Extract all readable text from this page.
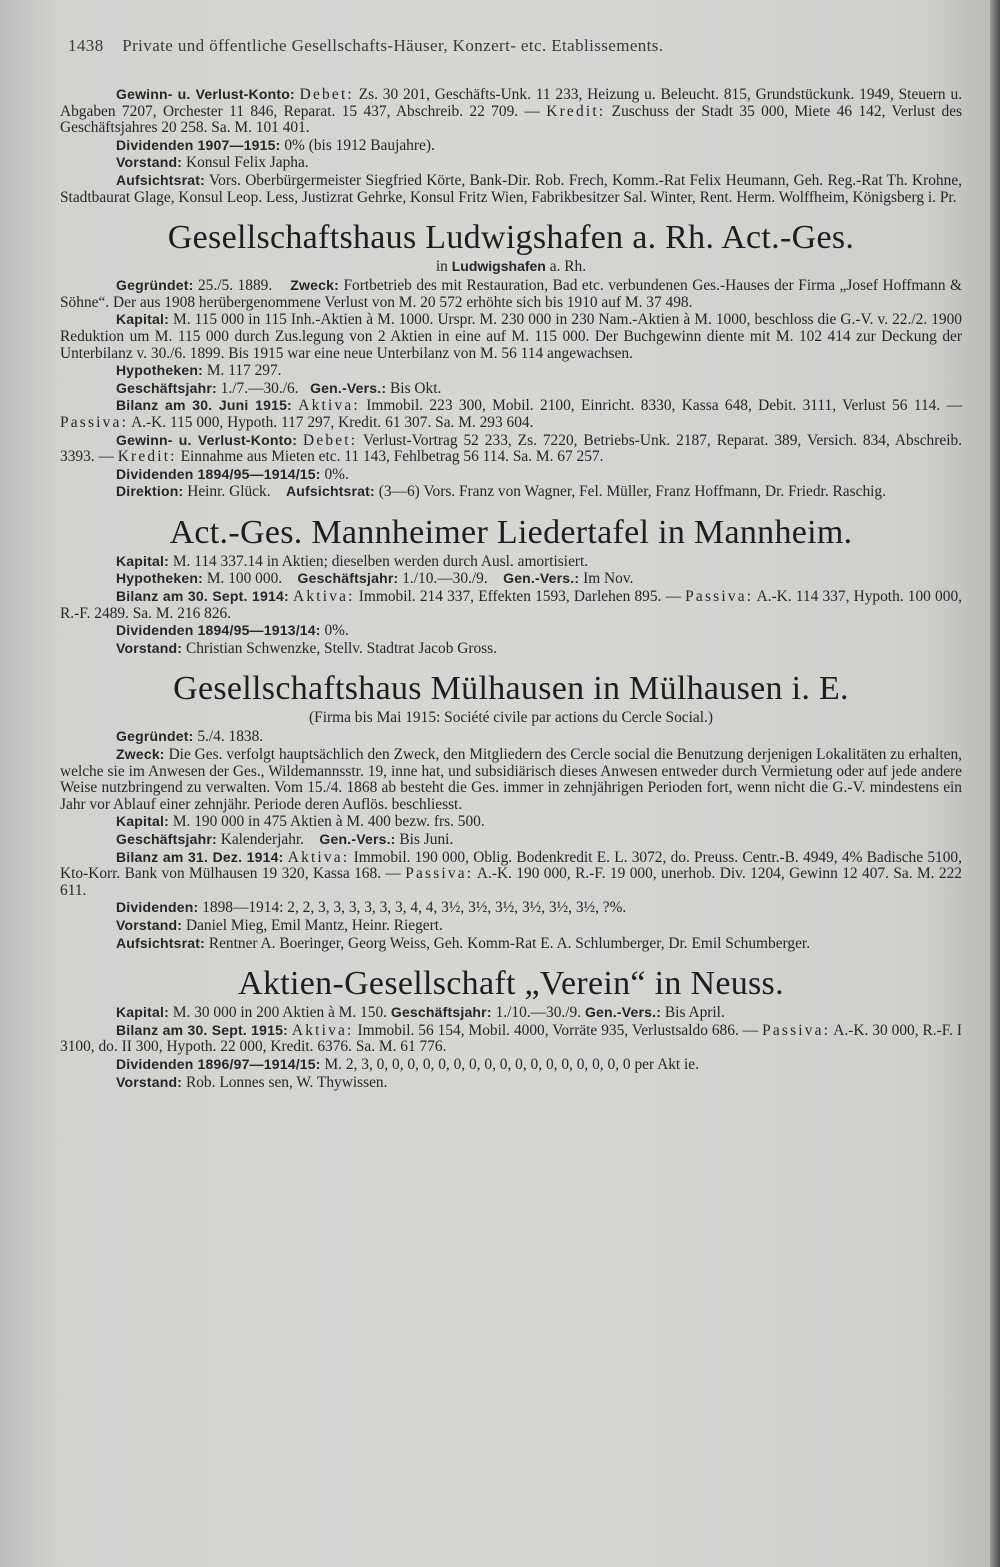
1438 Private und öffentliche Gesellschafts-Häuser, Konzert- etc. Etablissements.

Gewinn- u. Verlust-Konto: Debet: Zs. 30 201, Geschäfts-Unk. 11 233, Heizung u. Beleucht. 815, Grundstückunk. 1949, Steuern u. Abgaben 7207, Orchester 11 846, Reparat. 15 437, Abschreib. 22 709. — Kredit: Zuschuss der Stadt 35 000, Miete 46 142, Verlust des Geschäftsjahres 20 258. Sa. M. 101 401.

Dividenden 1907—1915: 0% (bis 1912 Baujahre).

Vorstand: Konsul Felix Japha.

Aufsichtsrat: Vors. Oberbürgermeister Siegfried Körte, Bank-Dir. Rob. Frech, Komm.-Rat Felix Heumann, Geh. Reg.-Rat Th. Krohne, Stadtbaurat Glage, Konsul Leop. Less, Justizrat Gehrke, Konsul Fritz Wien, Fabrikbesitzer Sal. Winter, Rent. Herm. Wolffheim, Königsberg i. Pr.

Gesellschaftshaus Ludwigshafen a. Rh. Act.-Ges.

in Ludwigshafen a. Rh.

Gegründet: 25./5. 1889. Zweck: Fortbetrieb des mit Restauration, Bad etc. verbundenen Ges.-Hauses der Firma „Josef Hoffmann & Söhne“. Der aus 1908 herübergenommene Verlust von M. 20 572 erhöhte sich bis 1910 auf M. 37 498.

Kapital: M. 115 000 in 115 Inh.-Aktien à M. 1000. Urspr. M. 230 000 in 230 Nam.-Aktien à M. 1000, beschloss die G.-V. v. 22./2. 1900 Reduktion um M. 115 000 durch Zus.legung von 2 Aktien in eine auf M. 115 000. Der Buchgewinn diente mit M. 102 414 zur Deckung der Unterbilanz v. 30./6. 1899. Bis 1915 war eine neue Unterbilanz von M. 56 114 angewachsen.

Hypotheken: M. 117 297.

Geschäftsjahr: 1./7.—30./6. Gen.-Vers.: Bis Okt.

Bilanz am 30. Juni 1915: Aktiva: Immobil. 223 300, Mobil. 2100, Einricht. 8330, Kassa 648, Debit. 3111, Verlust 56 114. — Passiva: A.-K. 115 000, Hypoth. 117 297, Kredit. 61 307. Sa. M. 293 604.

Gewinn- u. Verlust-Konto: Debet: Verlust-Vortrag 52 233, Zs. 7220, Betriebs-Unk. 2187, Reparat. 389, Versich. 834, Abschreib. 3393. — Kredit: Einnahme aus Mieten etc. 11 143, Fehlbetrag 56 114. Sa. M. 67 257.

Dividenden 1894/95—1914/15: 0%.

Direktion: Heinr. Glück. Aufsichtsrat: (3—6) Vors. Franz von Wagner, Fel. Müller, Franz Hoffmann, Dr. Friedr. Raschig.

Act.-Ges. Mannheimer Liedertafel in Mannheim.

Kapital: M. 114 337.14 in Aktien; dieselben werden durch Ausl. amortisiert.

Hypotheken: M. 100 000. Geschäftsjahr: 1./10.—30./9. Gen.-Vers.: Im Nov.

Bilanz am 30. Sept. 1914: Aktiva: Immobil. 214 337, Effekten 1593, Darlehen 895. — Passiva: A.-K. 114 337, Hypoth. 100 000, R.-F. 2489. Sa. M. 216 826.

Dividenden 1894/95—1913/14: 0%.

Vorstand: Christian Schwenzke, Stellv. Stadtrat Jacob Gross.

Gesellschaftshaus Mülhausen in Mülhausen i. E.

(Firma bis Mai 1915: Société civile par actions du Cercle Social.)

Gegründet: 5./4. 1838.

Zweck: Die Ges. verfolgt hauptsächlich den Zweck, den Mitgliedern des Cercle social die Benutzung derjenigen Lokalitäten zu erhalten, welche sie im Anwesen der Ges., Wildemannsstr. 19, inne hat, und subsidiärisch dieses Anwesen entweder durch Vermietung oder auf jede andere Weise nutzbringend zu verwalten. Vom 15./4. 1868 ab besteht die Ges. immer in zehnjährigen Perioden fort, wenn nicht die G.-V. mindestens ein Jahr vor Ablauf einer zehnjähr. Periode deren Auflös. beschliesst.

Kapital: M. 190 000 in 475 Aktien à M. 400 bezw. frs. 500.

Geschäftsjahr: Kalenderjahr. Gen.-Vers.: Bis Juni.

Bilanz am 31. Dez. 1914: Aktiva: Immobil. 190 000, Oblig. Bodenkredit E. L. 3072, do. Preuss. Centr.-B. 4949, 4% Badische 5100, Kto-Korr. Bank von Mülhausen 19 320, Kassa 168. — Passiva: A.-K. 190 000, R.-F. 19 000, unerhob. Div. 1204, Gewinn 12 407. Sa. M. 222 611.

Dividenden: 1898—1914: 2, 2, 3, 3, 3, 3, 3, 3, 4, 4, 3½, 3½, 3½, 3½, 3½, 3½, ?%.

Vorstand: Daniel Mieg, Emil Mantz, Heinr. Riegert.

Aufsichtsrat: Rentner A. Boeringer, Georg Weiss, Geh. Komm-Rat E. A. Schlumberger, Dr. Emil Schumberger.

Aktien-Gesellschaft „Verein“ in Neuss.

Kapital: M. 30 000 in 200 Aktien à M. 150. Geschäftsjahr: 1./10.—30./9. Gen.-Vers.: Bis April.

Bilanz am 30. Sept. 1915: Aktiva: Immobil. 56 154, Mobil. 4000, Vorräte 935, Verlustsaldo 686. — Passiva: A.-K. 30 000, R.-F. I 3100, do. II 300, Hypoth. 22 000, Kredit. 6376. Sa. M. 61 776.

Dividenden 1896/97—1914/15: M. 2, 3, 0, 0, 0, 0, 0, 0, 0, 0, 0, 0, 0, 0, 0, 0, 0, 0, 0 per Akt ie.

Vorstand: Rob. Lonnes sen, W. Thywissen.
